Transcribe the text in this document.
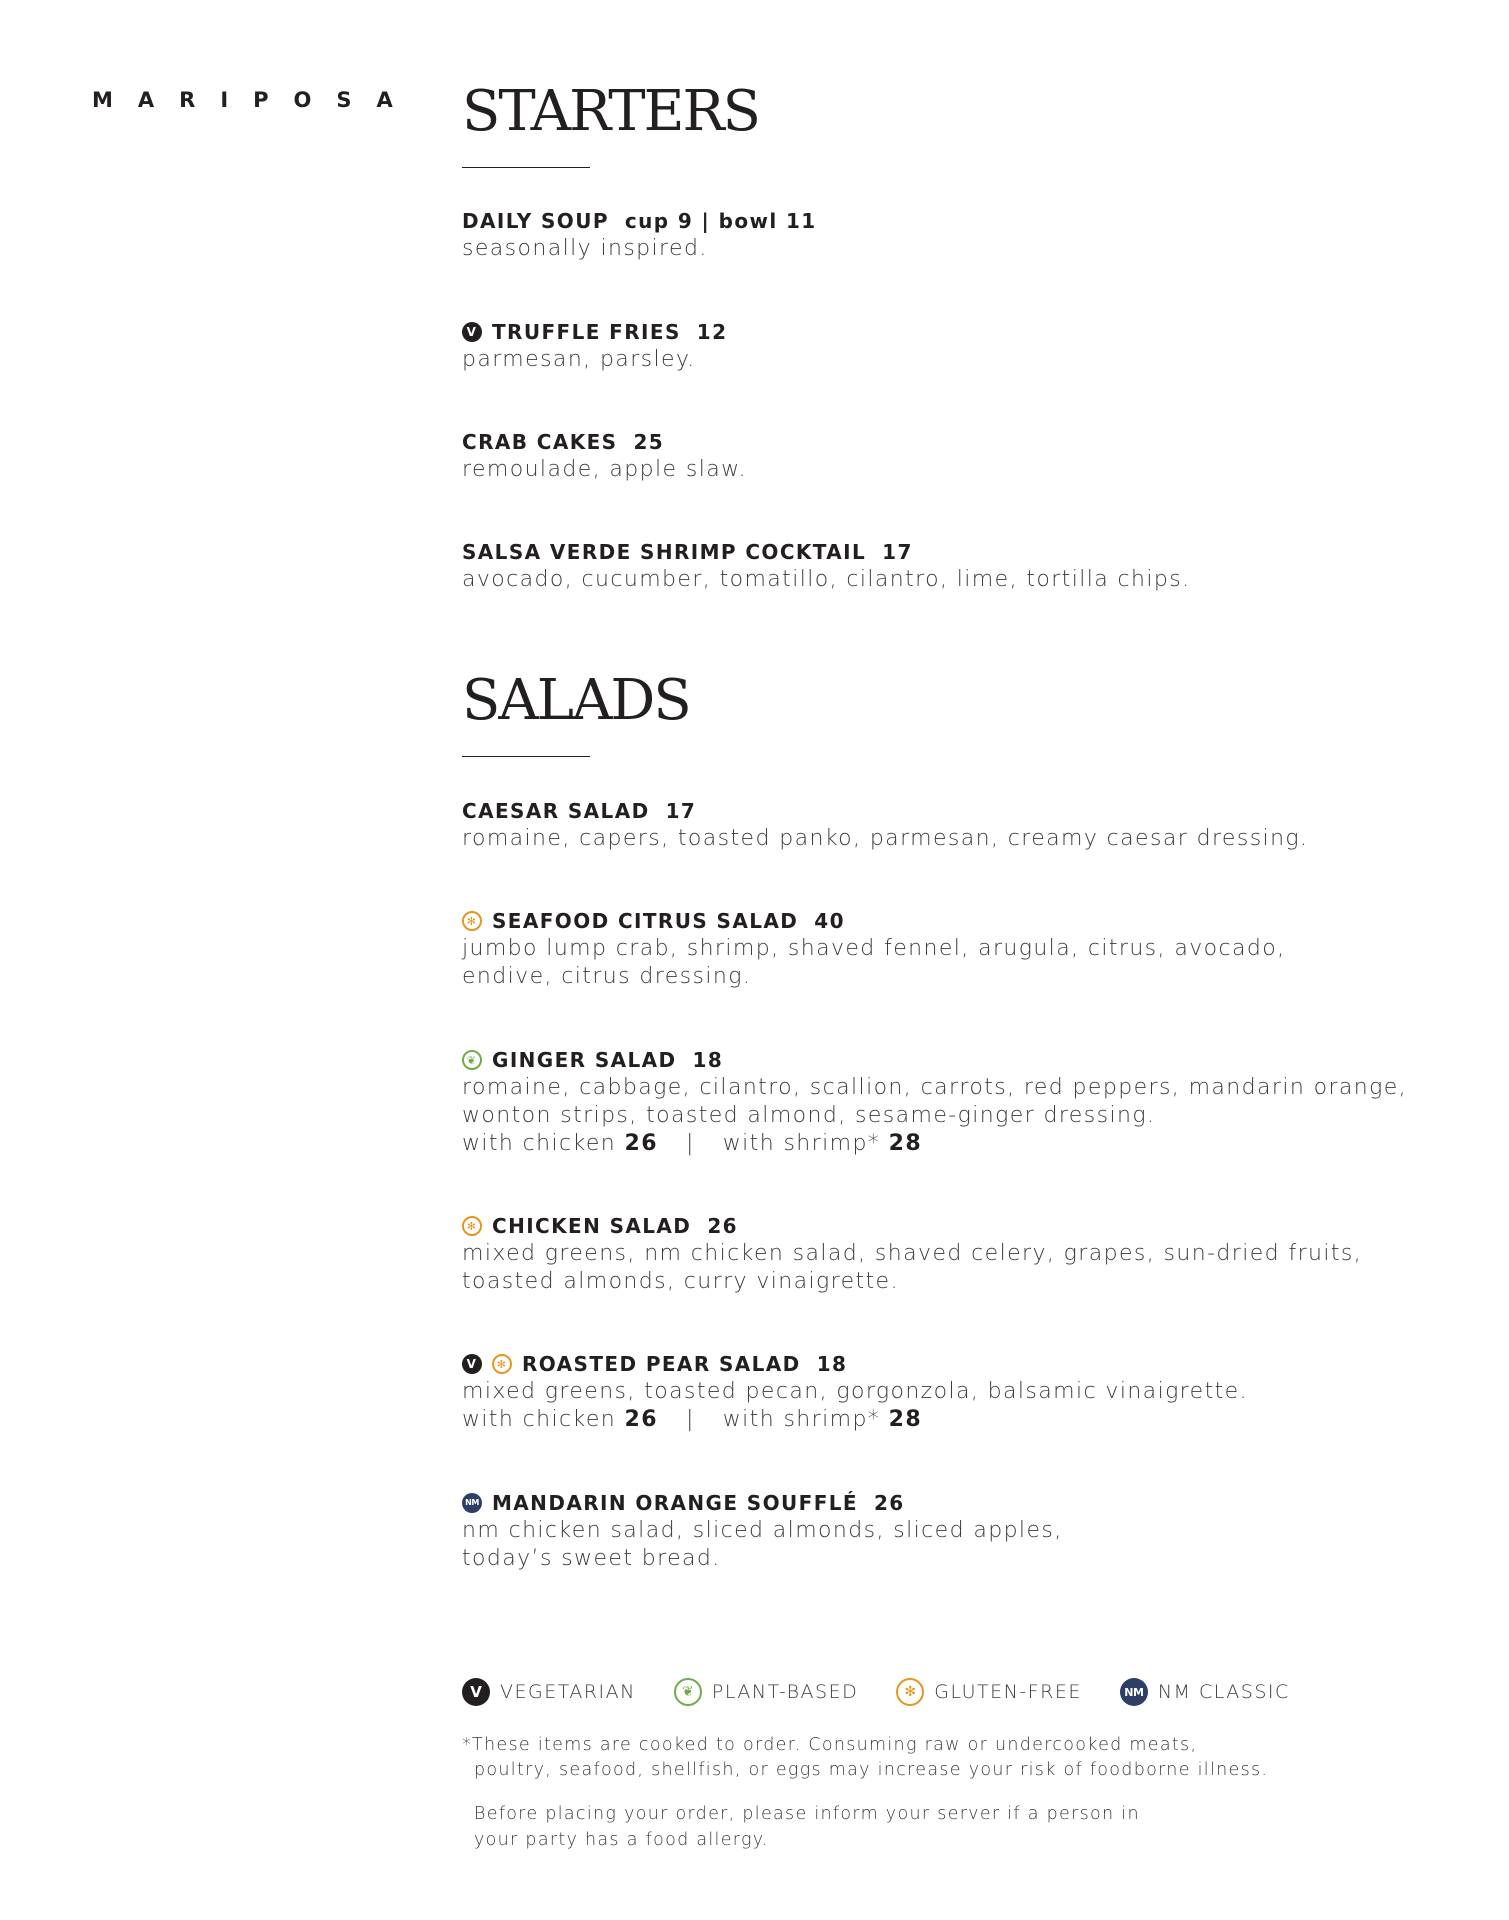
MARIPOSA STARTERS
DAILY SOUP cup 9 | bowl 11
seasonally inspired.
V TRUFFLE FRIES 12
parmesan, parsley.
CRAB CAKES 25
remoulade, apple slaw.
SALSA VERDE SHRIMP COCKTAIL 17
avocado, cucumber, tomatillo, cilantro, lime, tortilla chips.
SALADS
CAESAR SALAD 17
romaine, capers, toasted panko, parmesan, creamy caesar dressing.
✻ SEAFOOD CITRUS SALAD 40
jumbo lump crab, shrimp, shaved fennel, arugula, citrus, avocado,
endive, citrus dressing.
❦ GINGER SALAD 18
romaine, cabbage, cilantro, scallion, carrots, red peppers, mandarin orange,
wonton strips, toasted almond, sesame-ginger dressing.
with chicken 26 | with shrimp* 28
✻ CHICKEN SALAD 26
mixed greens, nm chicken salad, shaved celery, grapes, sun-dried fruits,
toasted almonds, curry vinaigrette.
V	✻ ROASTED PEAR SALAD 18
mixed greens, toasted pecan, gorgonzola, balsamic vinaigrette.
with chicken 26 | with shrimp* 28
NM MANDARIN ORANGE SOUFFLÉ 26
nm chicken salad, sliced almonds, sliced apples,
today’s sweet bread.
V VEGETARIAN	❦ PLANT-BASED	✻ GLUTEN-FREE	NM NM CLASSIC
*These items are cooked to order. Consuming raw or undercooked meats,
poultry, seafood, shellfish, or eggs may increase your risk of foodborne illness.
Before placing your order, please inform your server if a person in
your party has a food allergy.
